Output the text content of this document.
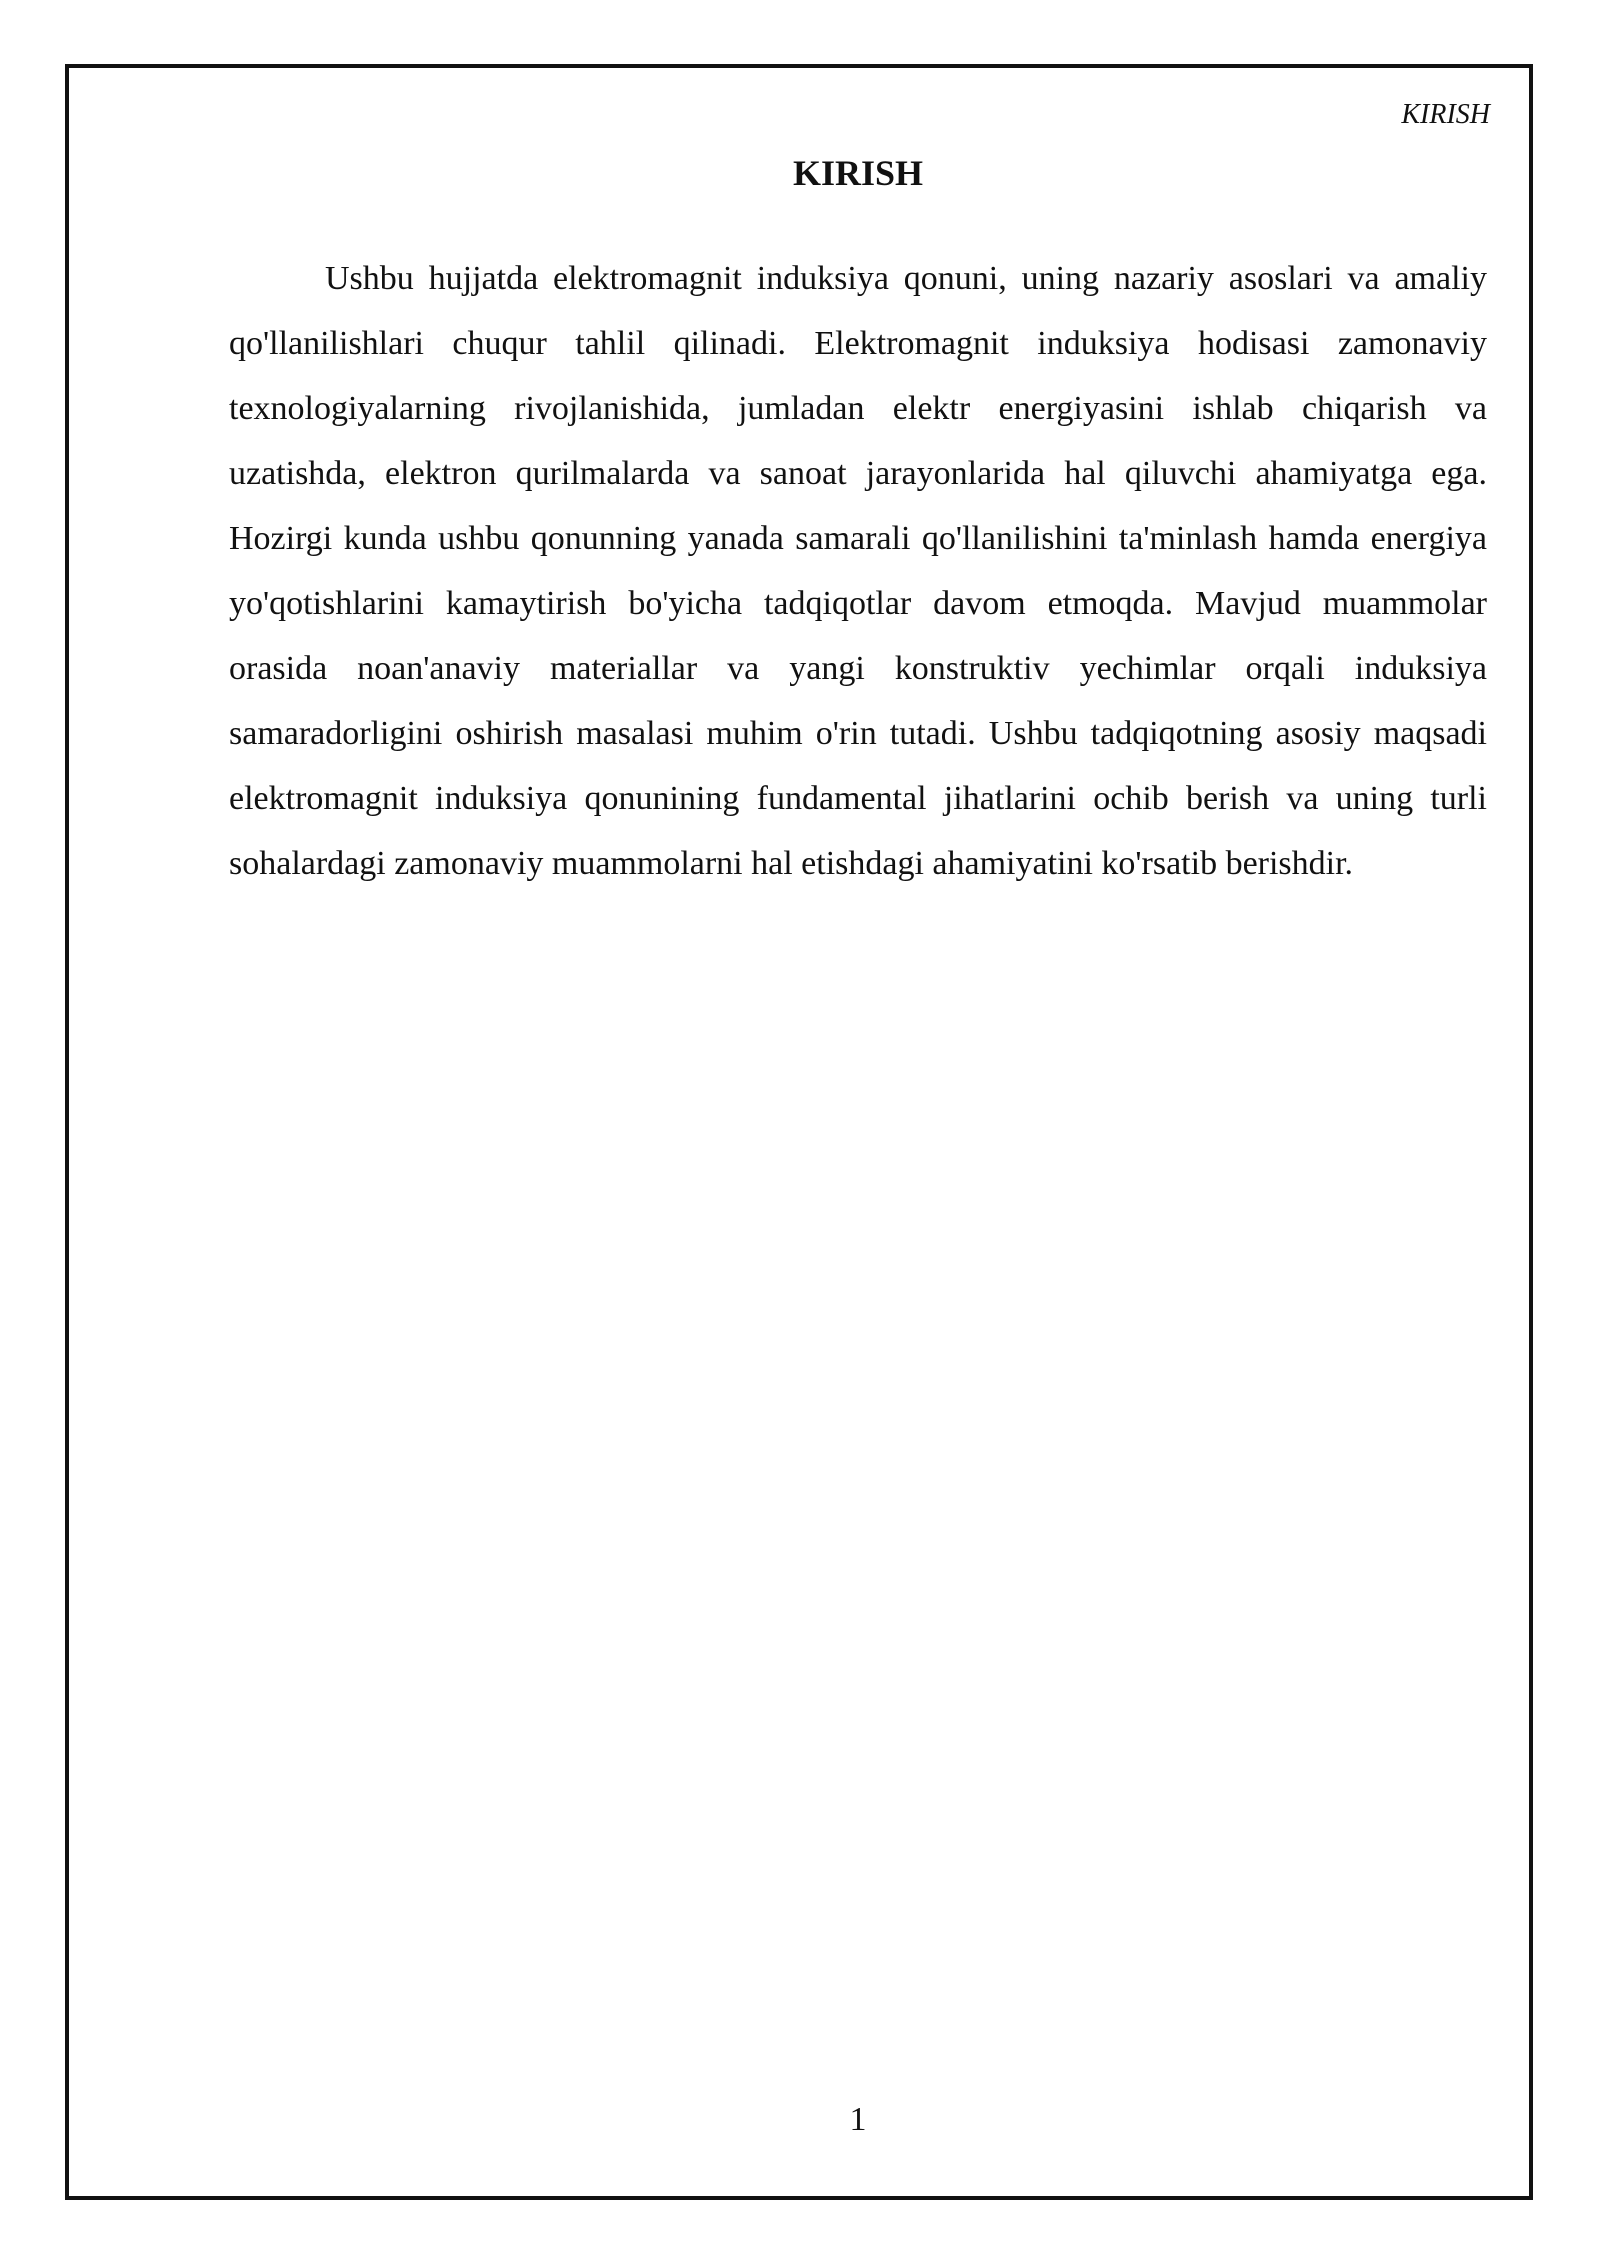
KIRISH
KIRISH

Ushbu hujjatda elektromagnit induksiya qonuni, uning nazariy asoslari va amaliy qo'llanilishlari chuqur tahlil qilinadi. Elektromagnit induksiya hodisasi zamonaviy texnologiyalarning rivojlanishida, jumladan elektr energiyasini ishlab chiqarish va uzatishda, elektron qurilmalarda va sanoat jarayonlarida hal qiluvchi ahamiyatga ega. Hozirgi kunda ushbu qonunning yanada samarali qo'llanilishini ta'minlash hamda energiya yo'qotishlarini kamaytirish bo'yicha tadqiqotlar davom etmoqda. Mavjud muammolar orasida noan'anaviy materiallar va yangi konstruktiv yechimlar orqali induksiya samaradorligini oshirish masalasi muhim o'rin tutadi. Ushbu tadqiqotning asosiy maqsadi elektromagnit induksiya qonunining fundamental jihatlarini ochib berish va uning turli sohalardagi zamonaviy muammolarni hal etishdagi ahamiyatini ko'rsatib berishdir.

1
